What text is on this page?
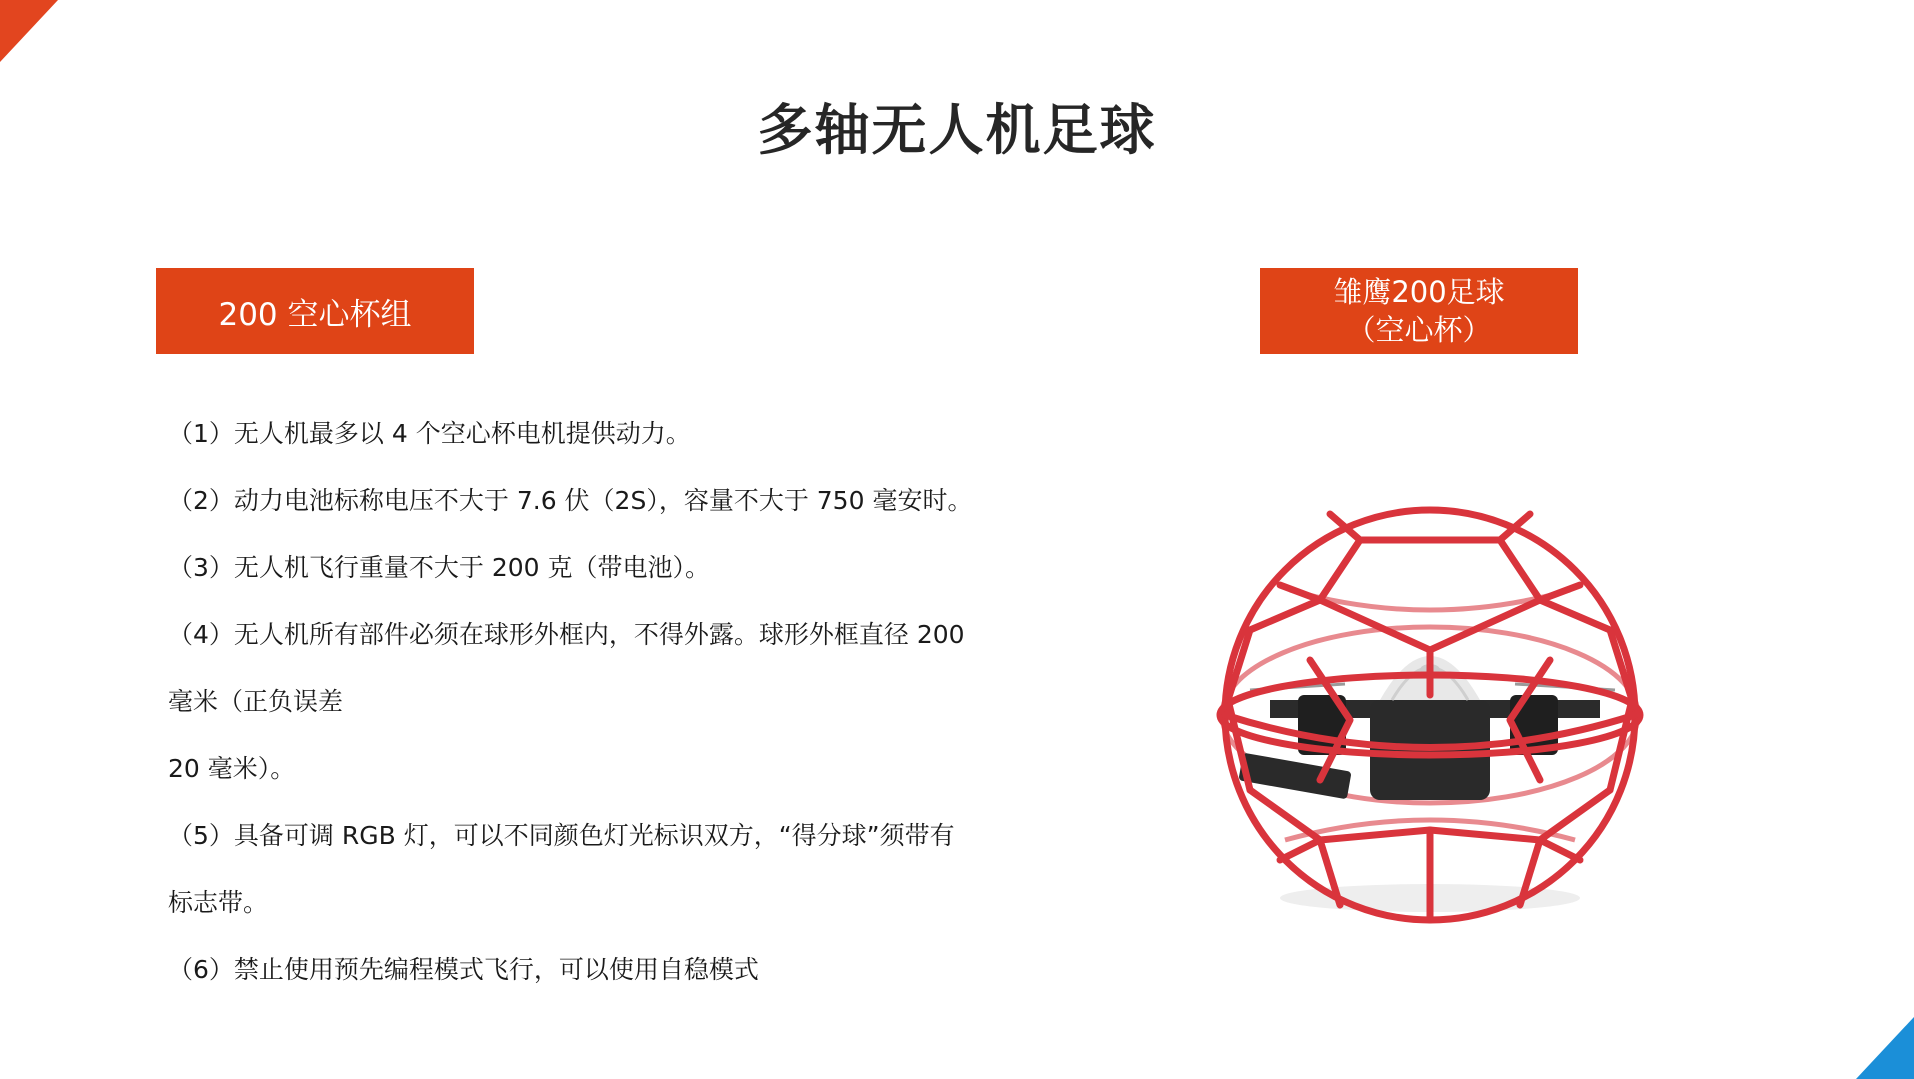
多轴无人机足球
200 空心杯组
雏鹰200足球
（空心杯）
（1）无人机最多以 4 个空心杯电机提供动力。
（2）动力电池标称电压不大于 7.6 伏（2S），容量不大于 750 毫安时。
（3）无人机飞行重量不大于 200 克（带电池）。
（4）无人机所有部件必须在球形外框内，不得外露。球形外框直径 200
毫米（正负误差
20 毫米）。
（5）具备可调 RGB 灯，可以不同颜色灯光标识双方，“得分球”须带有
标志带。
（6）禁止使用预先编程模式飞行，可以使用自稳模式
